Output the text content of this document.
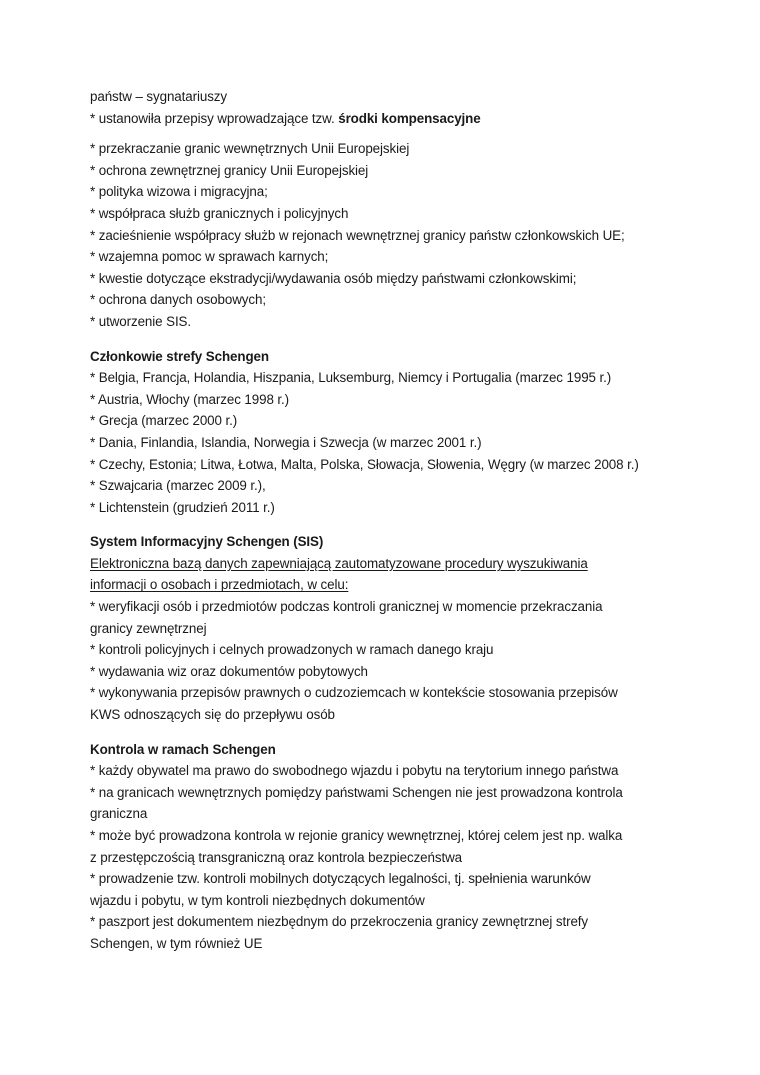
państw – sygnatariuszy
* ustanowiła przepisy wprowadzające tzw. środki kompensacyjne
* przekraczanie granic wewnętrznych Unii Europejskiej
* ochrona zewnętrznej granicy Unii Europejskiej
* polityka wizowa i migracyjna;
* współpraca służb granicznych i policyjnych
* zacieśnienie współpracy służb w rejonach wewnętrznej granicy państw członkowskich UE;
* wzajemna pomoc w sprawach karnych;
* kwestie dotyczące ekstradycji/wydawania osób między państwami członkowskimi;
* ochrona danych osobowych;
* utworzenie SIS.
Członkowie strefy Schengen
* Belgia, Francja, Holandia, Hiszpania, Luksemburg, Niemcy i Portugalia (marzec 1995 r.)
* Austria, Włochy (marzec 1998 r.)
* Grecja (marzec 2000 r.)
* Dania, Finlandia, Islandia, Norwegia i Szwecja (w marzec 2001 r.)
* Czechy, Estonia; Litwa, Łotwa, Malta, Polska, Słowacja, Słowenia, Węgry (w marzec 2008 r.)
* Szwajcaria (marzec 2009 r.),
* Lichtenstein (grudzień 2011 r.)
System Informacyjny Schengen (SIS)
Elektroniczna bazą danych zapewniającą zautomatyzowane procedury wyszukiwania
informacji o osobach i przedmiotach, w celu:
* weryfikacji osób i przedmiotów podczas kontroli granicznej w momencie przekraczania
granicy zewnętrznej
* kontroli policyjnych i celnych prowadzonych w ramach danego kraju
* wydawania wiz oraz dokumentów pobytowych
* wykonywania przepisów prawnych o cudzoziemcach w kontekście stosowania przepisów
KWS odnoszących się do przepływu osób
Kontrola w ramach Schengen
* każdy obywatel ma prawo do swobodnego wjazdu i pobytu na terytorium innego państwa
* na granicach wewnętrznych pomiędzy państwami Schengen nie jest prowadzona kontrola
graniczna
* może być prowadzona kontrola w rejonie granicy wewnętrznej, której celem jest np. walka
z przestępczością transgraniczną oraz kontrola bezpieczeństwa
* prowadzenie tzw. kontroli mobilnych dotyczących legalności, tj. spełnienia warunków
wjazdu i pobytu, w tym kontroli niezbędnych dokumentów
* paszport jest dokumentem niezbędnym do przekroczenia granicy zewnętrznej strefy
Schengen, w tym również UE
